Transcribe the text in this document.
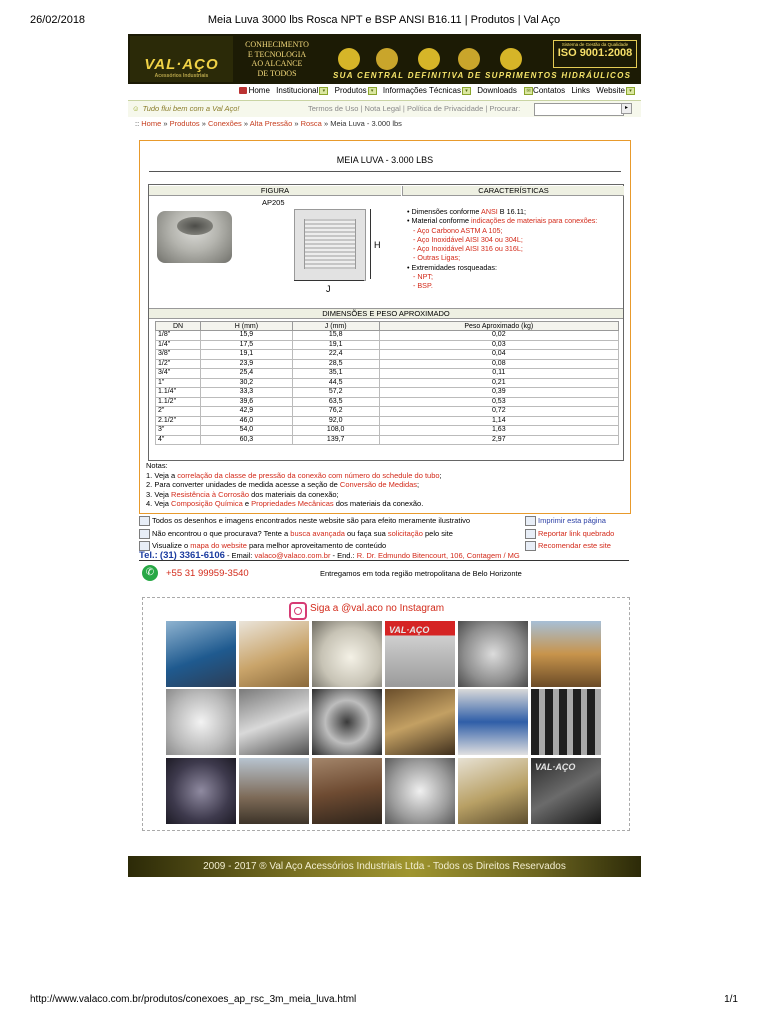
26/02/2018	Meia Luva 3000 lbs Rosca NPT e BSP ANSI B16.11 | Produtos | Val Aço
VAL·AÇO
Acessórios Industriais
CONHECIMENTO
E TECNOLOGIA
AO ALCANCE
DE TODOS	SUA CENTRAL DEFINITIVA DE SUPRIMENTOS HIDRÁULICOS
Sistema de Gestão da Qualidade
ISO 9001:2008
Home Institucional ▾ Produtos ▾ Informações Técnicas ▾ Downloads ✉ Contatos Links Website ▾
☺ Tudo flui bem com a Val Aço!	Termos de Uso | Nota Legal | Política de Privacidade | Procurar:	▸
:: Home » Produtos » Conexões » Alta Pressão » Rosca » Meia Luva - 3.000 lbs
MEIA LUVA - 3.000 LBS
FIGURA	CARACTERÍSTICAS
AP205
H
J
• Dimensões conforme ANSI B 16.11;
• Material conforme indicações de materiais para conexões:
- Aço Carbono ASTM A 105;
- Aço Inoxidável AISI 304 ou 304L;
- Aço Inoxidável AISI 316 ou 316L;
- Outras Ligas;
• Extremidades rosqueadas:
- NPT;
- BSP.
DIMENSÕES E PESO APROXIMADO
DN	H (mm)	J (mm)	Peso Aproximado (kg)
1/8"	15,9	15,8	0,02
1/4"	17,5	19,1	0,03
3/8"	19,1	22,4	0,04
1/2"	23,9	28,5	0,08
3/4"	25,4	35,1	0,11
1"	30,2	44,5	0,21
1.1/4"	33,3	57,2	0,39
1.1/2"	39,6	63,5	0,53
2"	42,9	76,2	0,72
2.1/2"	46,0	92,0	1,14
3"	54,0	108,0	1,63
4"	60,3	139,7	2,97
Notas:
1. Veja a correlação da classe de pressão da conexão com número do schedule do tubo;
2. Para converter unidades de medida acesse a seção de Conversão de Medidas;
3. Veja Resistência à Corrosão dos materiais da conexão;
4. Veja Composição Química e Propriedades Mecânicas dos materiais da conexão.
Todos os desenhos e imagens encontrados neste website são para efeito meramente ilustrativo
Não encontrou o que procurava? Tente a busca avançada ou faça sua solicitação pelo site
Visualize o mapa do website para melhor aproveitamento de conteúdo
Imprimir esta página
Reportar link quebrado
Recomendar este site
Tel.: (31) 3361-6106 - Email: valaco@valaco.com.br - End.: R. Dr. Edmundo Bitencourt, 106, Contagem / MG
✆	+55 31 99959-3540	Entregamos em toda região metropolitana de Belo Horizonte
Siga a @val.aco no Instagram
VAL·AÇO
VAL·AÇO
2009 - 2017 ® Val Aço Acessórios Industriais Ltda - Todos os Direitos Reservados
http://www.valaco.com.br/produtos/conexoes_ap_rsc_3m_meia_luva.html	1/1
